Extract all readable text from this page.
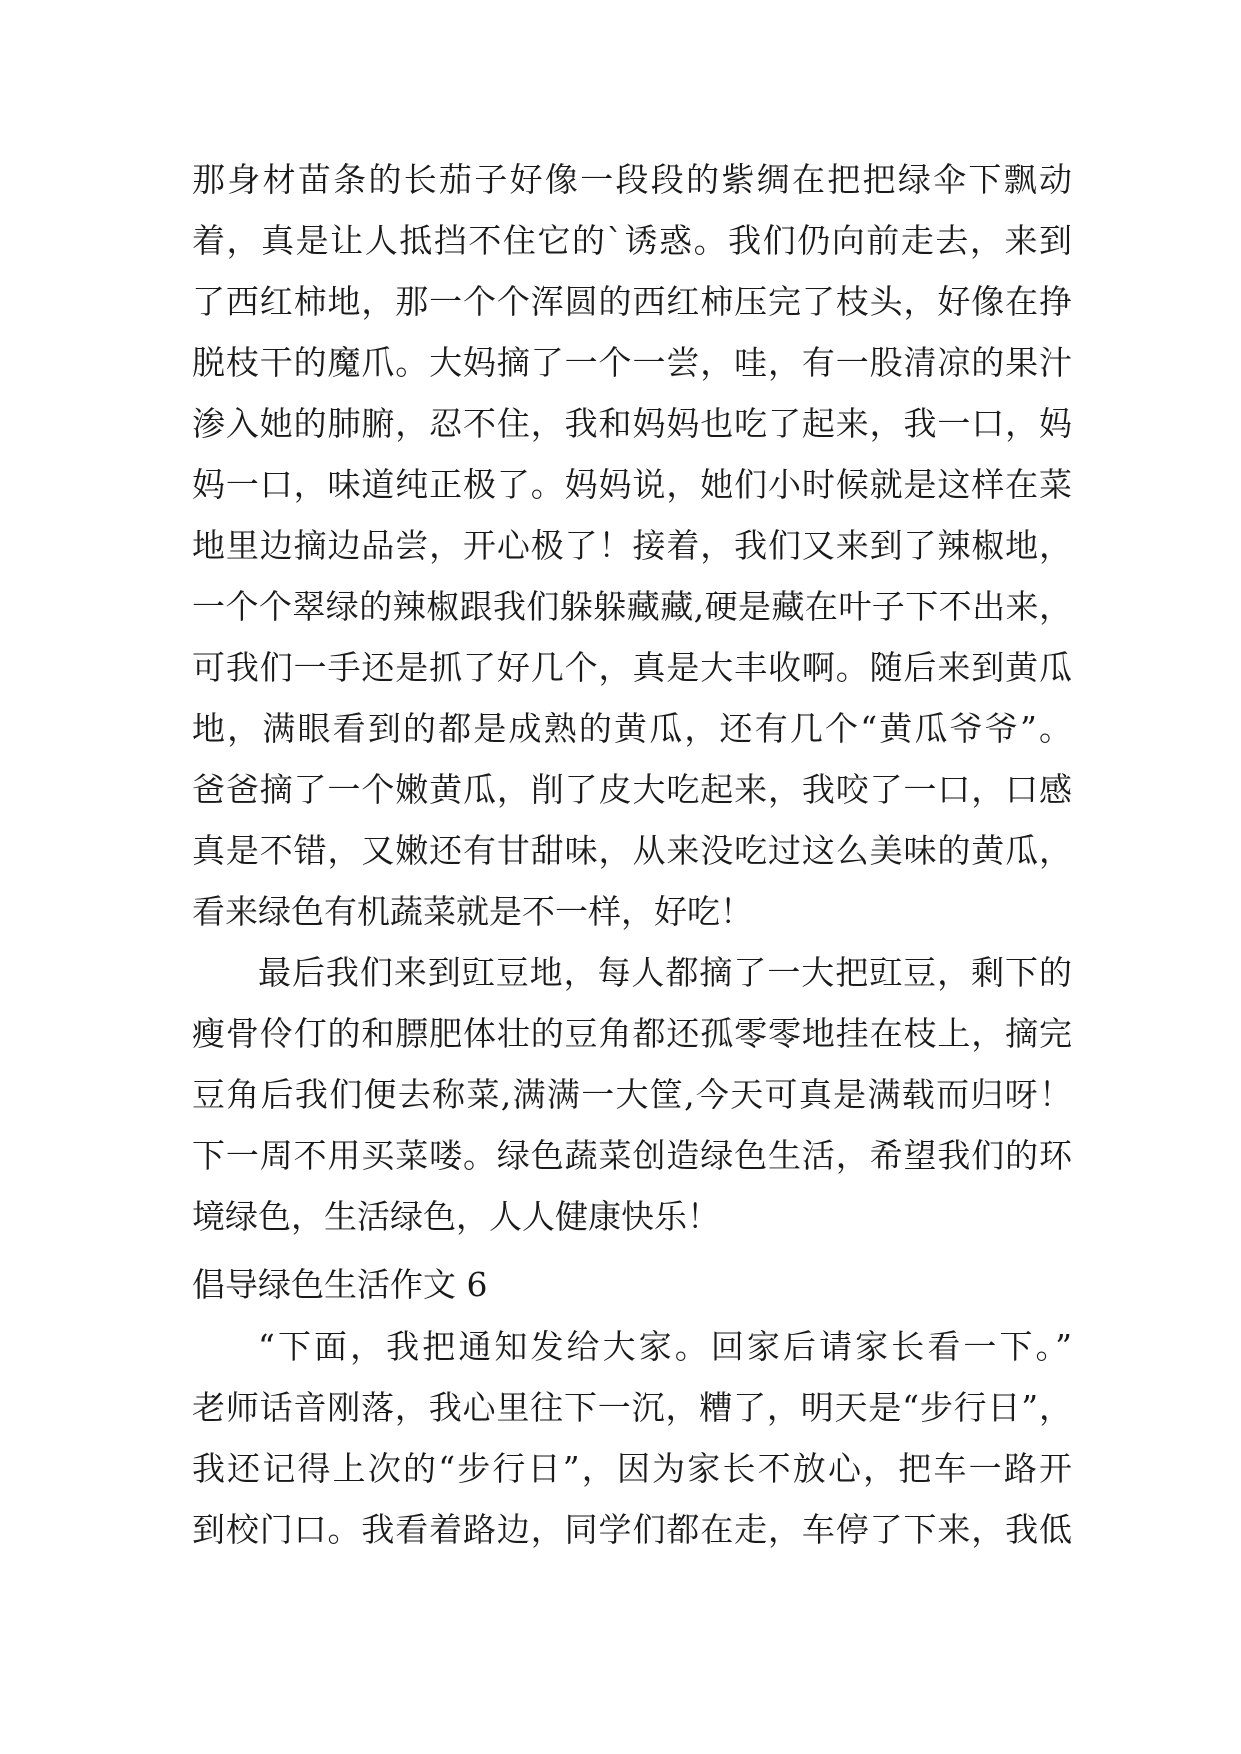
那身材苗条的长茄子好像一段段的紫绸在把把绿伞下飘动
着，真是让人抵挡不住它的`诱惑。我们仍向前走去，来到
了西红柿地，那一个个浑圆的西红柿压完了枝头，好像在挣
脱枝干的魔爪。大妈摘了一个一尝，哇，有一股清凉的果汁
渗入她的肺腑，忍不住，我和妈妈也吃了起来，我一口，妈
妈一口，味道纯正极了。妈妈说，她们小时候就是这样在菜
地里边摘边品尝，开心极了！接着，我们又来到了辣椒地，
一个个翠绿的辣椒跟我们躲躲藏藏,硬是藏在叶子下不出来，
可我们一手还是抓了好几个，真是大丰收啊。随后来到黄瓜
地，满眼看到的都是成熟的黄瓜，还有几个“黄瓜爷爷”。
爸爸摘了一个嫩黄瓜，削了皮大吃起来，我咬了一口，口感
真是不错，又嫩还有甘甜味，从来没吃过这么美味的黄瓜，
看来绿色有机蔬菜就是不一样，好吃！
最后我们来到豇豆地，每人都摘了一大把豇豆，剩下的
瘦骨伶仃的和膘肥体壮的豆角都还孤零零地挂在枝上，摘完
豆角后我们便去称菜,满满一大筐,今天可真是满载而归呀！
下一周不用买菜喽。绿色蔬菜创造绿色生活，希望我们的环
境绿色，生活绿色，人人健康快乐！
倡导绿色生活作文 6
“下面，我把通知发给大家。回家后请家长看一下。”
老师话音刚落，我心里往下一沉，糟了，明天是“步行日”，
我还记得上次的“步行日”，因为家长不放心，把车一路开
到校门口。我看着路边，同学们都在走，车停了下来，我低
